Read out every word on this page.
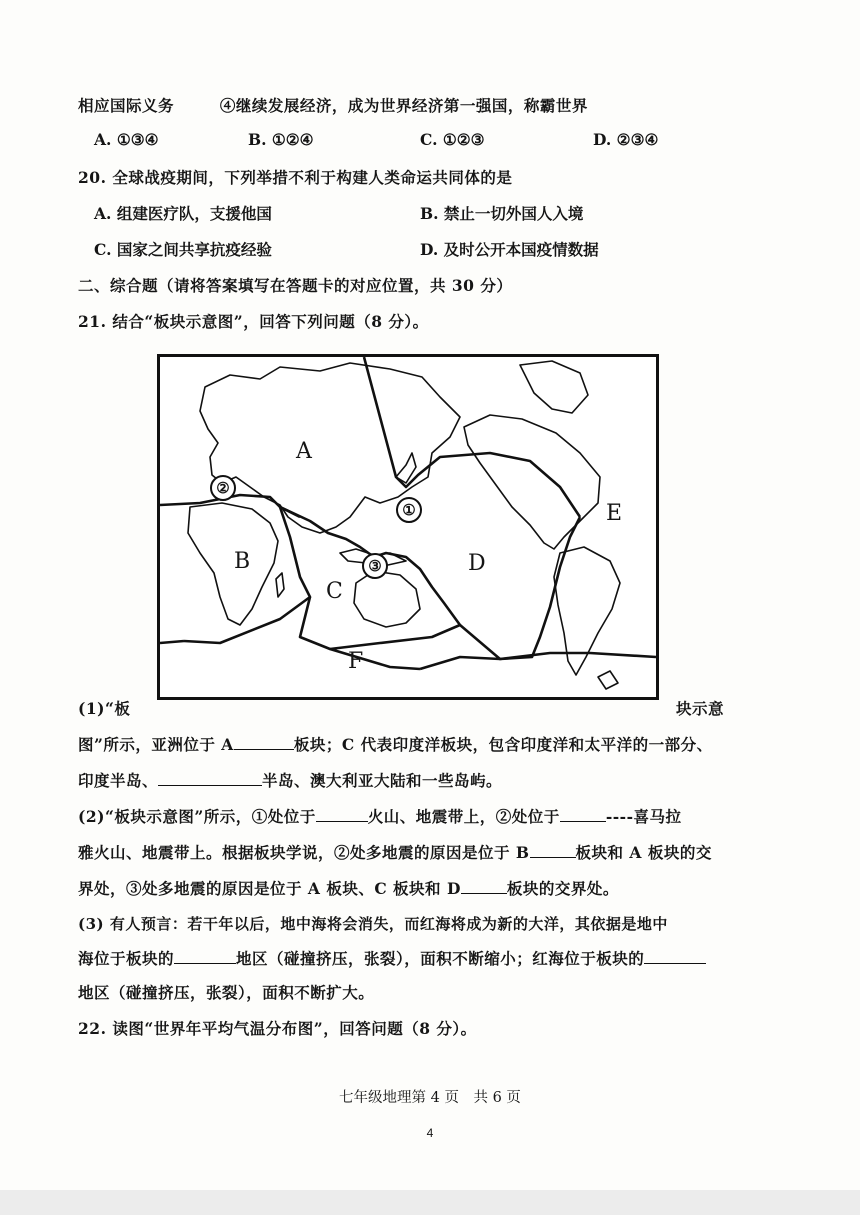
相应国际义务	④继续发展经济，成为世界经济第一强国，称霸世界
A. ①③④	B. ①②④	C. ①②③	D. ②③④
20. 全球战疫期间，下列举措不利于构建人类命运共同体的是
A. 组建医疗队，支援他国	B. 禁止一切外国人入境
C. 国家之间共享抗疫经验	D. 及时公开本国疫情数据
二、综合题（请将答案填写在答题卡的对应位置，共 30 分）
21. 结合“板块示意图”，回答下列问题（8 分）。
A
B
C
D
E
F
①
②
③
(1)“板	块示意
图”所示，亚洲位于 A	板块；C 代表印度洋板块，包含印度洋和太平洋的一部分、
印度半岛、	半岛、澳大利亚大陆和一些岛屿。
(2)“板块示意图”所示，①处位于	火山、地震带上，②处位于	----喜马拉
雅火山、地震带上。根据板块学说，②处多地震的原因是位于 B	板块和 A 板块的交
界处，③处多地震的原因是位于 A 板块、C 板块和 D	板块的交界处。
(3) 有人预言：若干年以后，地中海将会消失，而红海将成为新的大洋，其依据是地中
海位于板块的	地区（碰撞挤压，张裂），面积不断缩小；红海位于板块的
地区（碰撞挤压，张裂），面积不断扩大。
22. 读图“世界年平均气温分布图”，回答问题（8 分）。
七年级地理第 4 页　共 6 页
4
